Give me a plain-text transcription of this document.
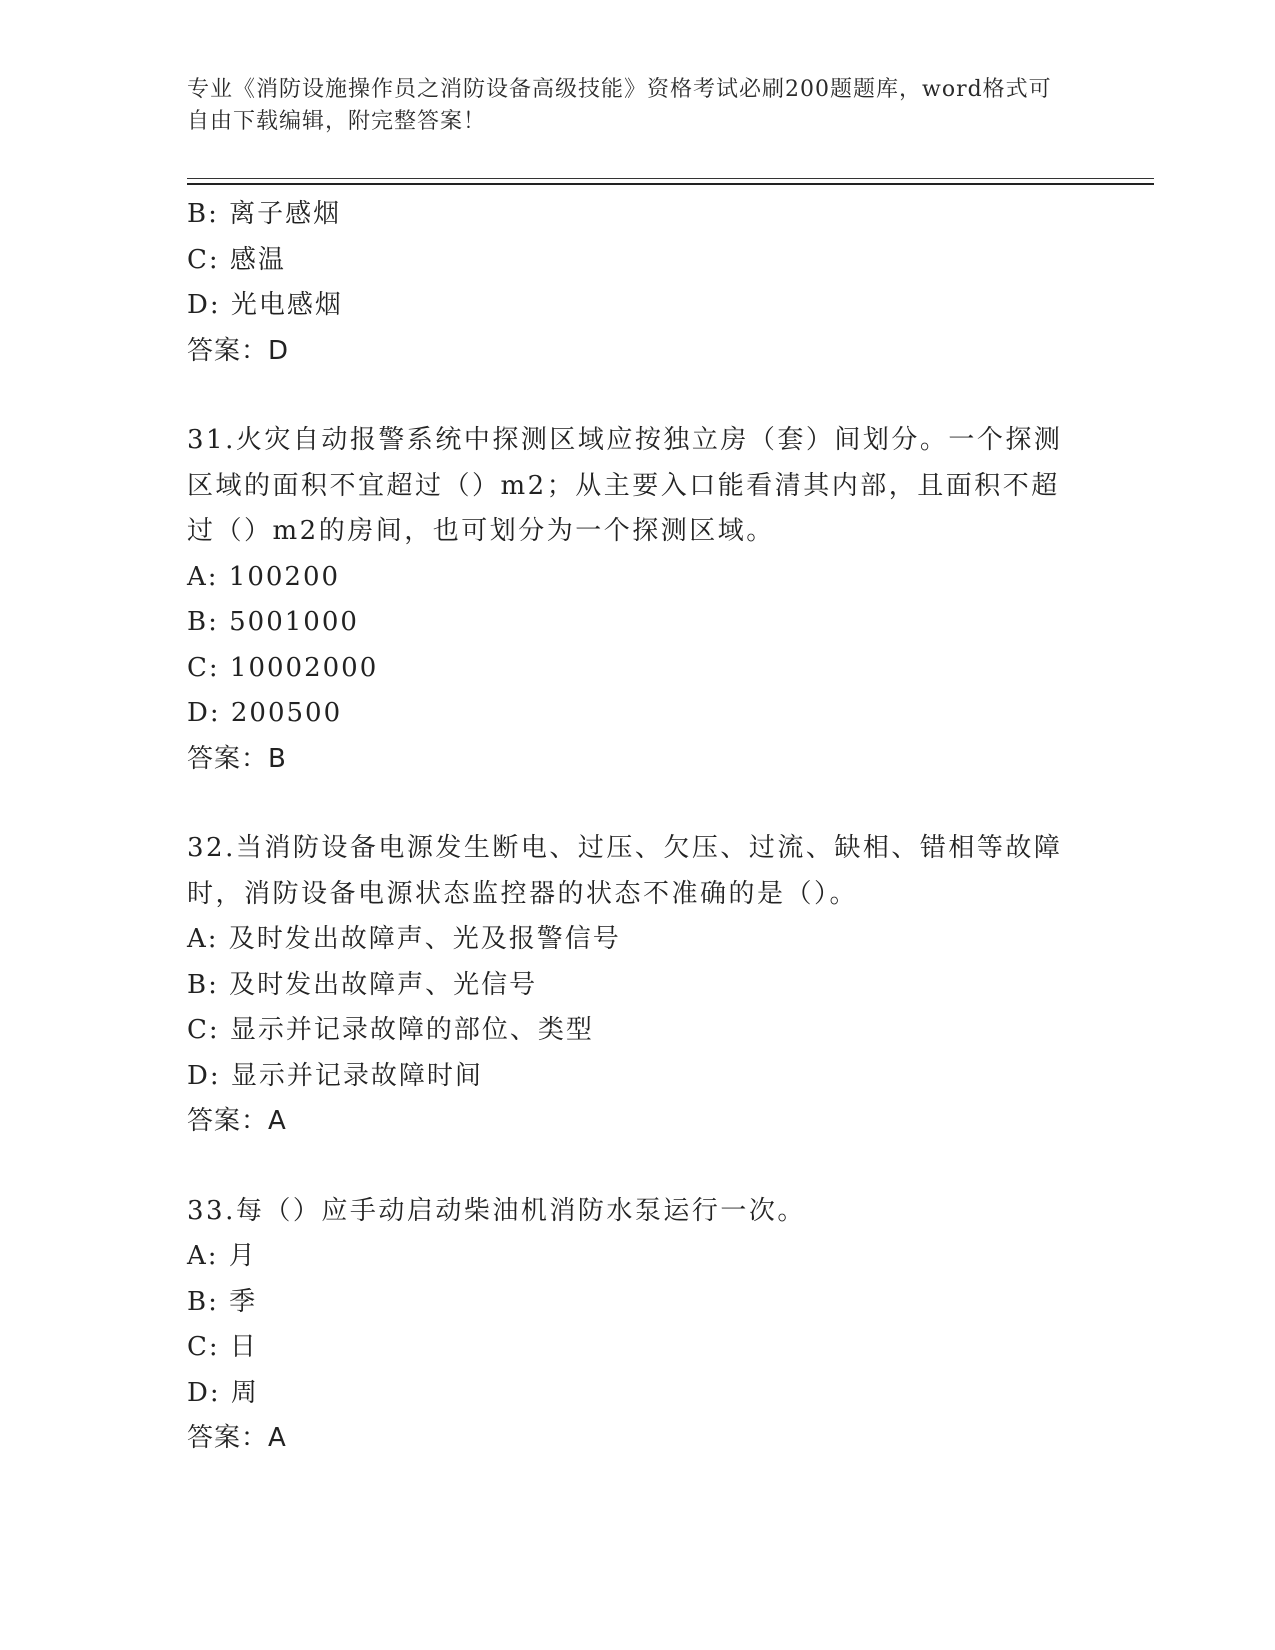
专业《消防设施操作员之消防设备高级技能》资格考试必刷200题题库，word格式可自由下载编辑，附完整答案！
B: 离子感烟
C: 感温
D: 光电感烟
答案：D
31.火灾自动报警系统中探测区域应按独立房（套）间划分。一个探测
区域的面积不宜超过（）m2；从主要入口能看清其内部，且面积不超
过（）m2的房间，也可划分为一个探测区域。
A: 100200
B: 5001000
C: 10002000
D: 200500
答案：B
32.当消防设备电源发生断电、过压、欠压、过流、缺相、错相等故障
时，消防设备电源状态监控器的状态不准确的是（）。
A: 及时发出故障声、光及报警信号
B: 及时发出故障声、光信号
C: 显示并记录故障的部位、类型
D: 显示并记录故障时间
答案：A
33.每（）应手动启动柴油机消防水泵运行一次。
A: 月
B: 季
C: 日
D: 周
答案：A
